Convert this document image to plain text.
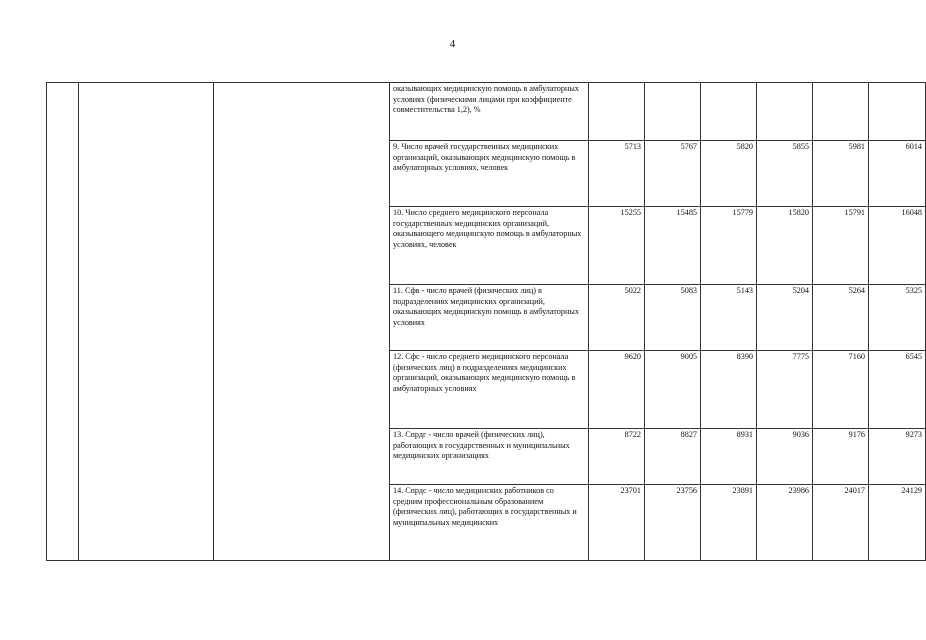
4

			оказывающих медицинскую помощь в амбулаторных условиях (физическими лицами при коэффициенте совместительства 1,2), %						

			9. Число врачей государственных медицинских организаций, оказывающих медицинскую помощь в амбулаторных условиях, человек	5713	5767	5820	5855	5981	6014
			10. Число среднего медицинского персонала государственных медицинских организаций, оказывающего медицинскую помощь в амбулаторных условиях, человек	15255	15485	15779	15820	15791	16048
			11. Сфв - число врачей (физических лиц) в подразделениях медицинских организаций, оказывающих медицинскую помощь в амбулаторных условиях	5022	5083	5143	5204	5264	5325
			12. Сфс - число среднего медицинского персонала (физических лиц) в подразделениях медицинских организаций, оказывающих медицинскую помощь в амбулаторных условиях	9620	9005	8390	7775	7160	6545
			13. Сnрдг - число врачей (физических лиц), работающих в государственных и муниципальных медицинских организациях	8722	8827	8931	9036	9176	9273
			14. Сnрдс - число медицинских работников со средним профессиональным образованием (физических лиц), работающих в государственных и муниципальных медицинских	23701	23756	23891	23986	24017	24129
